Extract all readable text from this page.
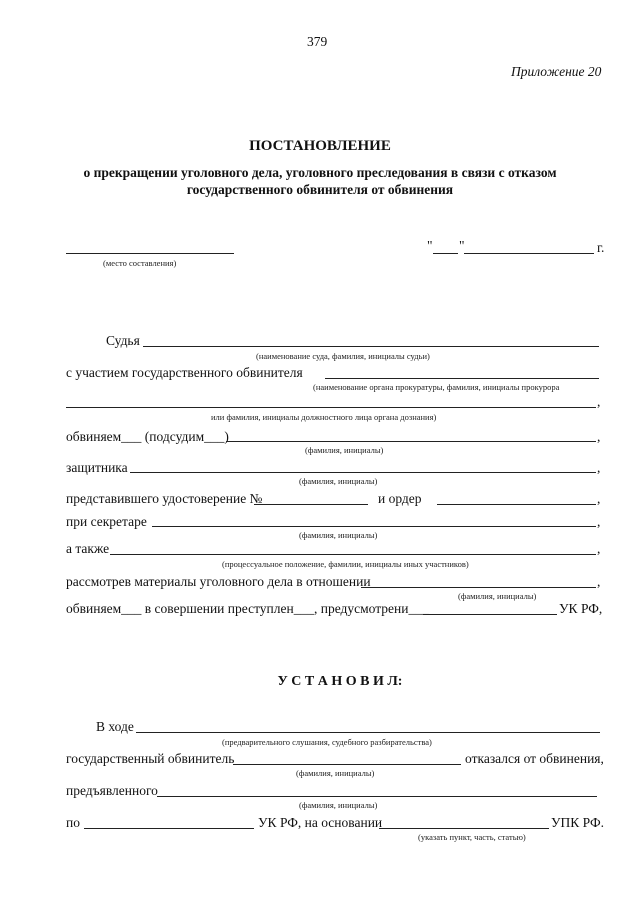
379
Приложение 20
ПОСТАНОВЛЕНИЕ
о прекращении уголовного дела, уголовного преследования в связи с отказом
государственного обвинителя от обвинения
(место составления)
" "	г.
Судья
(наименование суда, фамилия, инициалы судьи)
с участием государственного обвинителя
(наименование органа прокуратуры, фамилия, инициалы прокурора
,
или фамилия, инициалы должностного лица органа дознания)
обвиняем___ (подсудим___)	,
(фамилия, инициалы)
защитника	,
(фамилия, инициалы)
представившего удостоверение №	и ордер	,
при секретаре	,
(фамилия, инициалы)
а также	,
(процессуальное положение, фамилии, инициалы иных участников)
рассмотрев материалы уголовного дела в отношении	,
(фамилия, инициалы)
обвиняем___ в совершении преступлен___, предусмотрени___	УК РФ,
У С Т А Н О В И Л:
В ходе
(предварительного слушания, судебного разбирательства)
государственный обвинитель	отказался от обвинения,
(фамилия, инициалы)
предъявленного
(фамилия, инициалы)
по	УК РФ, на основании	УПК РФ.
(указать пункт, часть, статью)
